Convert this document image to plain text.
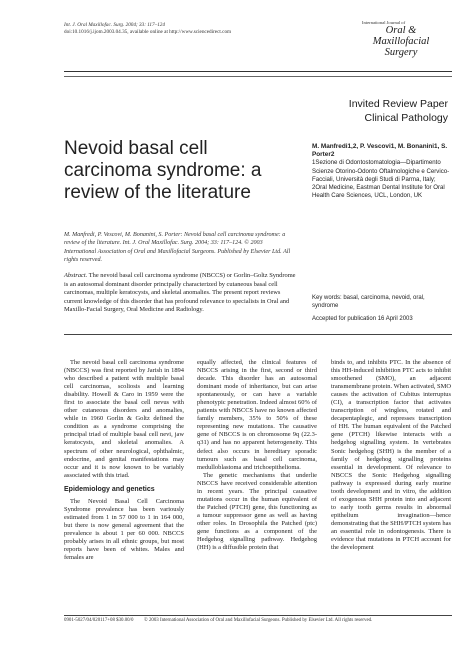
Int. J. Oral Maxillofac. Surg. 2004; 33: 117–124
doi:10.1016/j.ijom.2003.04.35, available online at http://www.sciencedirect.com
International Journal of
Oral &
Maxillofacial
Surgery
Invited Review Paper
Clinical Pathology
Nevoid basal cell carcinoma syndrome: a review of the literature
M. Manfredi1,2, P. Vescovi1, M. Bonanini1, S. Porter2
1Sezione di Odontostomatologia—Dipartimento Scienze Otorino-Odonto Oftalmologiche e Cervico-Facciali, Università degli Studi di Parma, Italy; 2Oral Medicine, Eastman Dental Institute for Oral Health Care Sciences, UCL, London, UK
M. Manfredi, P. Vescovi, M. Bonanini, S. Porter: Nevoid basal cell carcinoma syndrome: a review of the literature. Int. J. Oral Maxillofac. Surg. 2004; 33: 117–124. © 2003 International Association of Oral and Maxillofacial Surgeons. Published by Elsevier Ltd. All rights reserved.
Abstract. The nevoid basal cell carcinoma syndrome (NBCCS) or Gorlin–Goltz Syndrome is an autosomal dominant disorder principally characterized by cutaneous basal cell carcinomas, multiple keratocysts, and skeletal anomalies. The present report reviews current knowledge of this disorder that has profound relevance to specialists in Oral and Maxillo-Facial Surgery, Oral Medicine and Radiology.
Key words: basal, carcinoma, nevoid, oral, syndrome
Accepted for publication 16 April 2003

The nevoid basal cell carcinoma syndrome (NBCCS) was first reported by Jarish in 1894 who described a patient with multiple basal cell carcinomas, scoliosis and learning disability. Howell & Caro in 1959 were the first to associate the basal cell nevus with other cutaneous disorders and anomalies, while in 1960 Gorlin & Goltz defined the condition as a syndrome comprising the principal triad of multiple basal cell nevi, jaw keratocysts, and skeletal anomalies. A spectrum of other neurological, ophthalmic, endocrine, and genital manifestations may occur and it is now known to be variably associated with this triad.

Epidemiology and genetics

The Nevoid Basal Cell Carcinoma Syndrome prevalence has been variously estimated from 1 in 57 000 to 1 in 164 000, but there is now general agreement that the prevalence is about 1 per 60 000. NBCCS probably arises in all ethnic groups, but most reports have been of whites. Males and females are

equally affected, the clinical features of NBCCS arising in the first, second or third decade. This disorder has an autosomal dominant mode of inheritance, but can arise spontaneously, or can have a variable phenotypic penetration. Indeed almost 60% of patients with NBCCS have no known affected family members, 35% to 50% of these representing new mutations. The causative gene of NBCCS is on chromosome 9q (22.3-q31) and has no apparent heterogeneity. This defect also occurs in hereditary sporadic tumours such as basal cell carcinoma, medulloblastoma and trichoepithelioma.

The genetic mechanisms that underlie NBCCS have received considerable attention in recent years. The principal causative mutations occur in the human equivalent of the Patched (PTCH) gene, this functioning as a tumour suppressor gene as well as having other roles. In Drosophila the Patched (ptc) gene functions as a component of the Hedgehog signalling pathway. Hedgehog (HH) is a diffusible protein that

binds to, and inhibits PTC. In the absence of this HH-induced inhibition PTC acts to inhibit smoothened (SMO), an adjacent transmembrane protein. When activated, SMO causes the activation of Cubitus interruptus (CI), a transcription factor that activates transcription of wingless, rotated and decapentaplegic, and represses transcription of HH. The human equivalent of the Patched gene (PTCH) likewise interacts with a hedgehog signalling system. In vertebrates Sonic hedgehog (SHH) is the member of a family of hedgehog signalling proteins essential in development. Of relevance to NBCCS the Sonic Hedgehog signalling pathway is expressed during early murine tooth development and in vitro, the addition of exogenous SHH protein into and adjacent to early tooth germs results in abnormal epithelium invagination—hence demonstrating that the SHH/PTCH system has an essential role in odontogenesis. There is evidence that mutations in PTCH account for the development

0901-5027/04/020117+08 $30.00/0 © 2003 International Association of Oral and Maxillofacial Surgeons. Published by Elsevier Ltd. All rights reserved.
